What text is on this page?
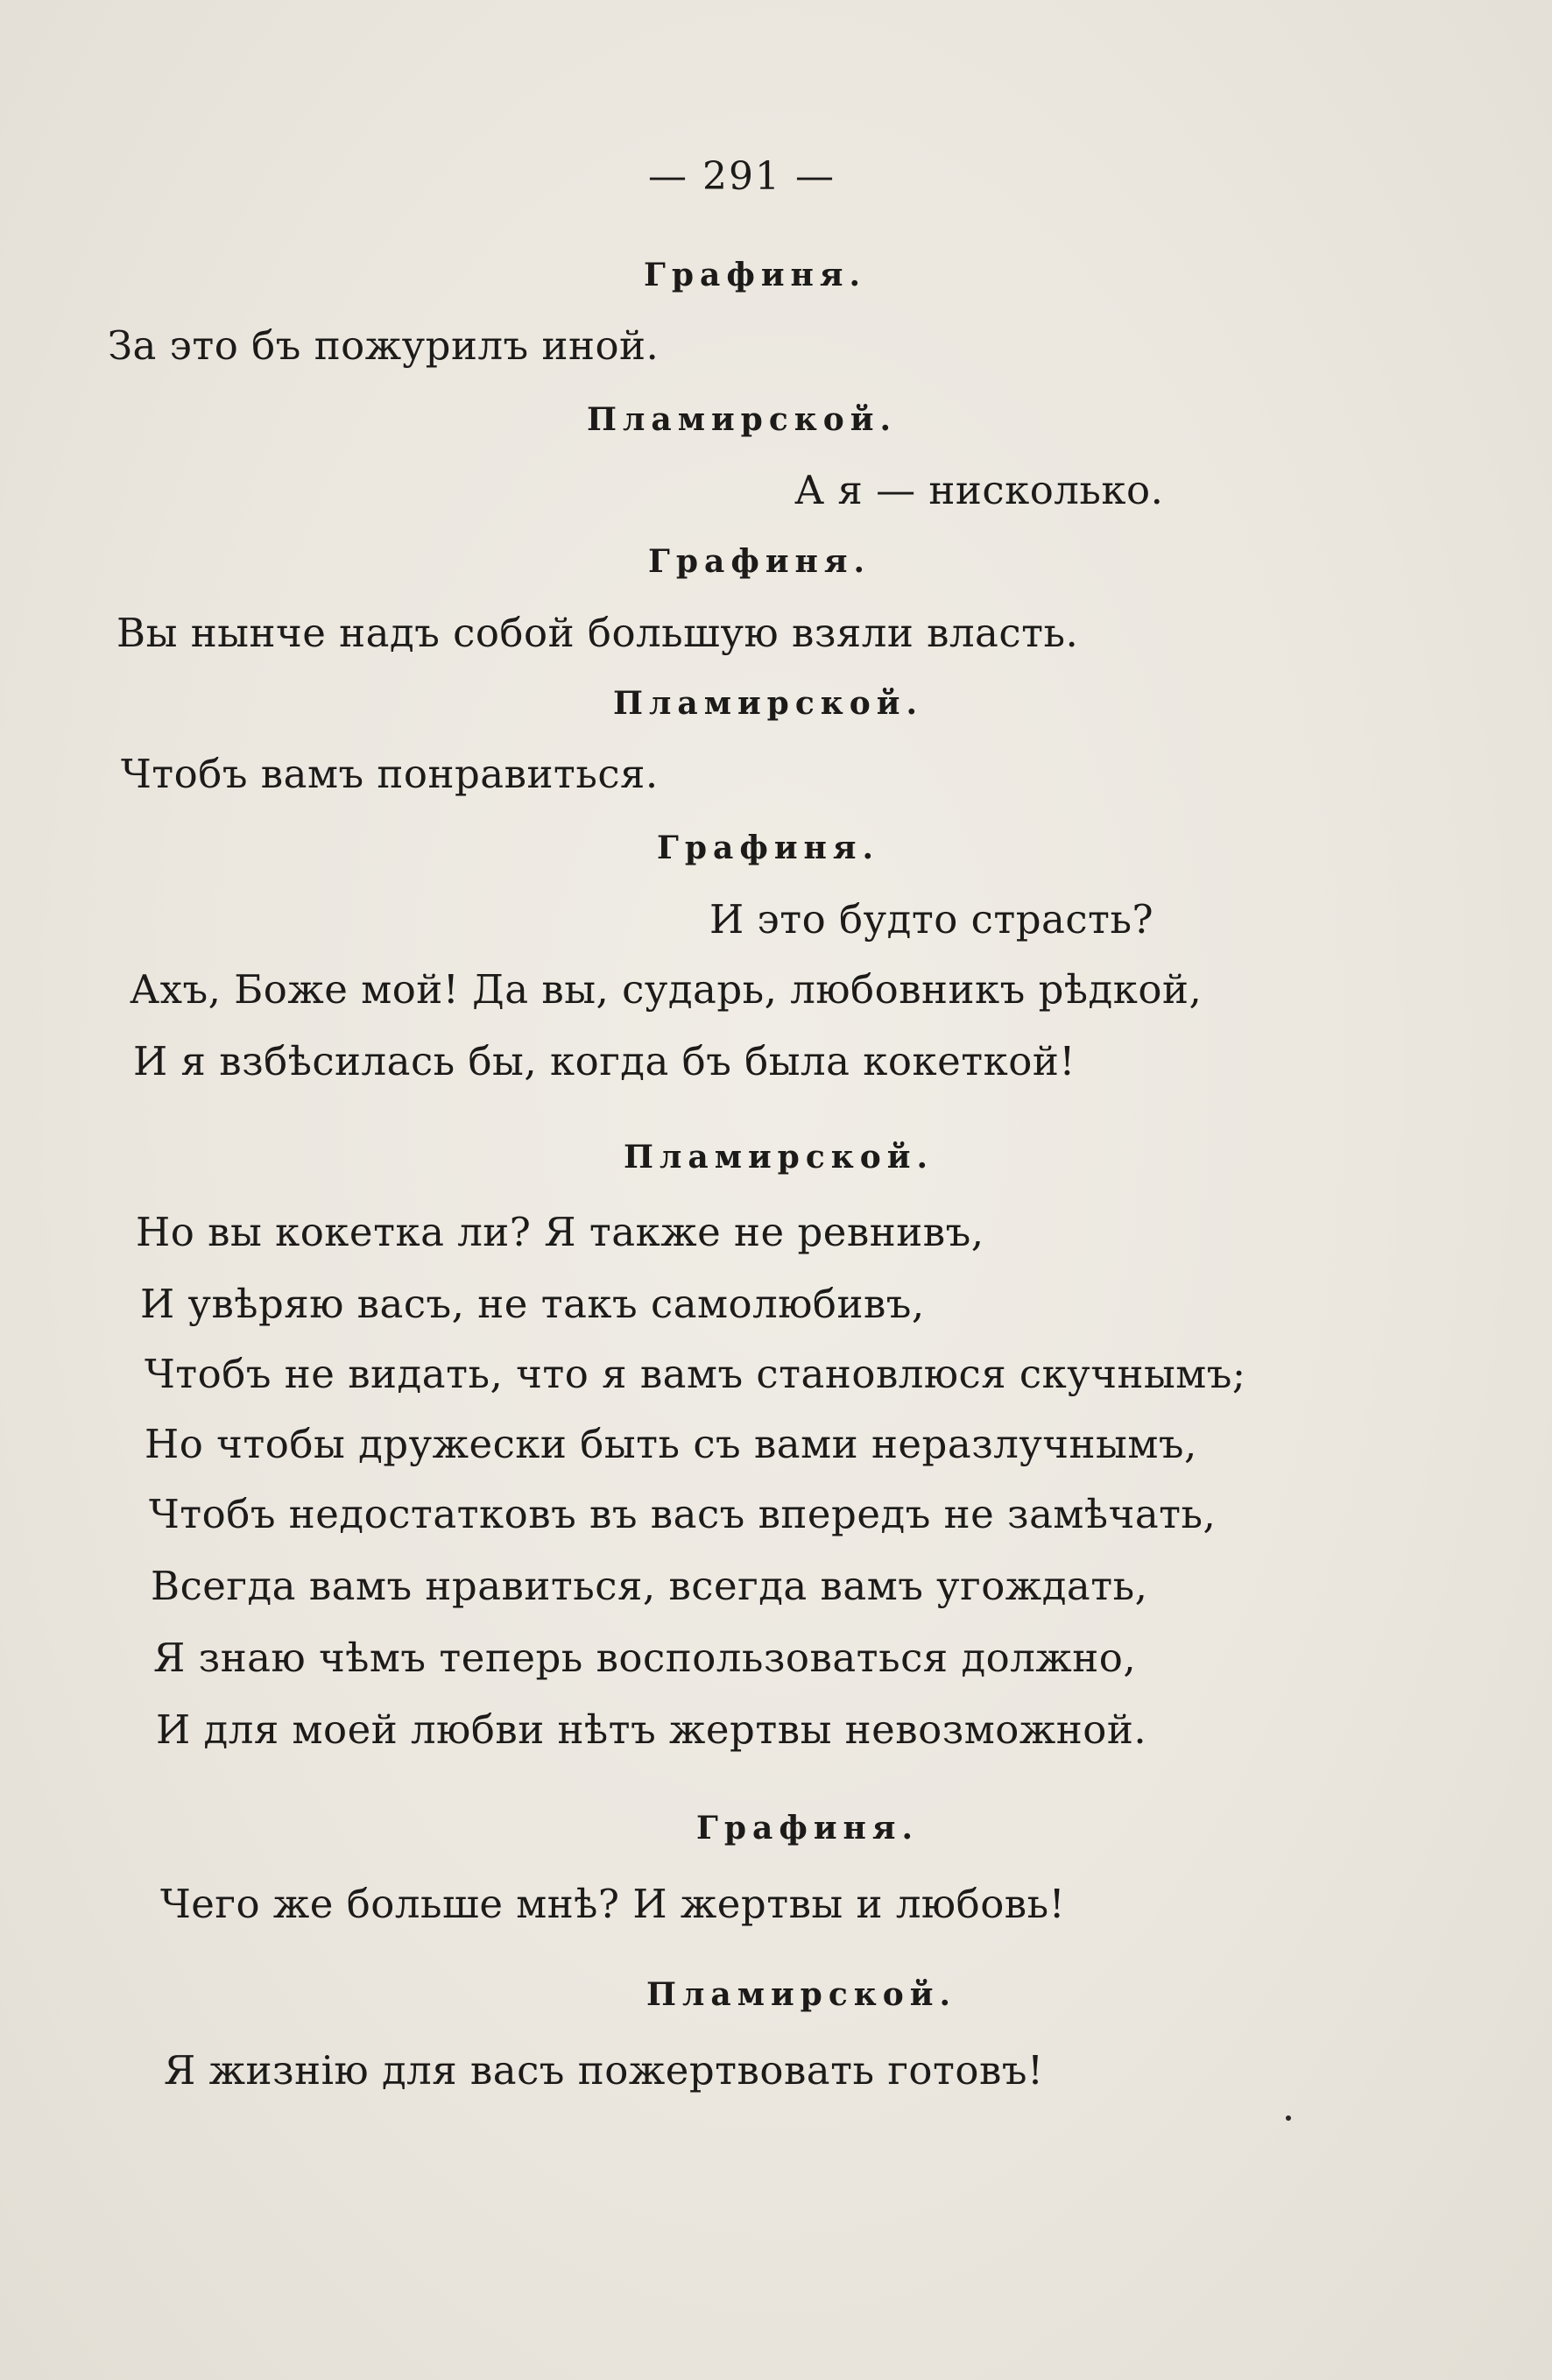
— 291 —
Графиня.
За это бъ пожурилъ иной.
Пламирской.
А я — нисколько.
Графиня.
Вы нынче надъ собой большую взяли власть.
Пламирской.
Чтобъ вамъ понравиться.
Графиня.
И это будто страсть?
Ахъ, Боже мой! Да вы, сударь, любовникъ рѣдкой,
И я взбѣсилась бы, когда бъ была кокеткой!
Пламирской.
Но вы кокетка ли? Я также не ревнивъ,
И увѣряю васъ, не такъ самолюбивъ,
Чтобъ не видать, что я вамъ становлюся скучнымъ;
Но чтобы дружески быть съ вами неразлучнымъ,
Чтобъ недостатковъ въ васъ впередъ не замѣчать,
Всегда вамъ нравиться, всегда вамъ угождать,
Я знаю чѣмъ теперь воспользоваться должно,
И для моей любви нѣтъ жертвы невозможной.
Графиня.
Чего же больше мнѣ? И жертвы и любовь!
Пламирской.
Я жизнію для васъ пожертвовать готовъ!
